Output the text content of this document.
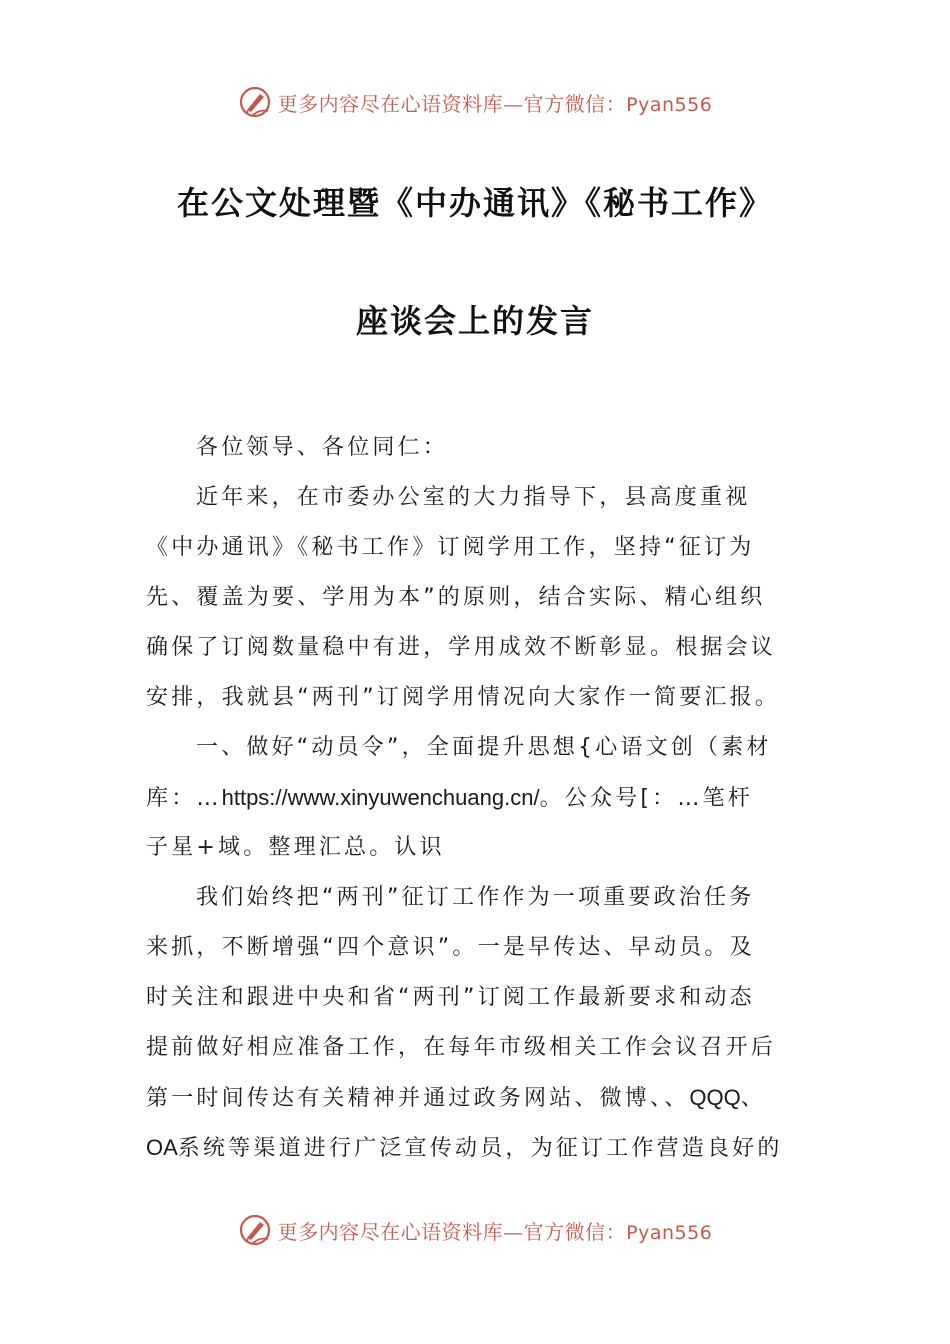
更多内容尽在心语资料库—官方微信：Pyan556
在公文处理暨《中办通讯》《秘书工作》
座谈会上的发言
各位领导、各位同仁：
近年来，在市委办公室的大力指导下，县高度重视
《中办通讯》《秘书工作》订阅学用工作，坚持“征订为
先、覆盖为要、学用为本”的原则，结合实际、精心组织
确保了订阅数量稳中有进，学用成效不断彰显。根据会议
安排，我就县“两刊”订阅学用情况向大家作一简要汇报。
一、做好“动员令”，全面提升思想{心语文创（素材
库：…https://www.xinyuwenchuang.cn/。公众号[：…笔杆
子星+域。整理汇总。认识
我们始终把“两刊”征订工作作为一项重要政治任务
来抓，不断增强“四个意识”。一是早传达、早动员。及
时关注和跟进中央和省“两刊”订阅工作最新要求和动态
提前做好相应准备工作，在每年市级相关工作会议召开后
第一时间传达有关精神并通过政务网站、微博、、QQQ、
OA系统等渠道进行广泛宣传动员，为征订工作营造良好的
更多内容尽在心语资料库—官方微信：Pyan556
